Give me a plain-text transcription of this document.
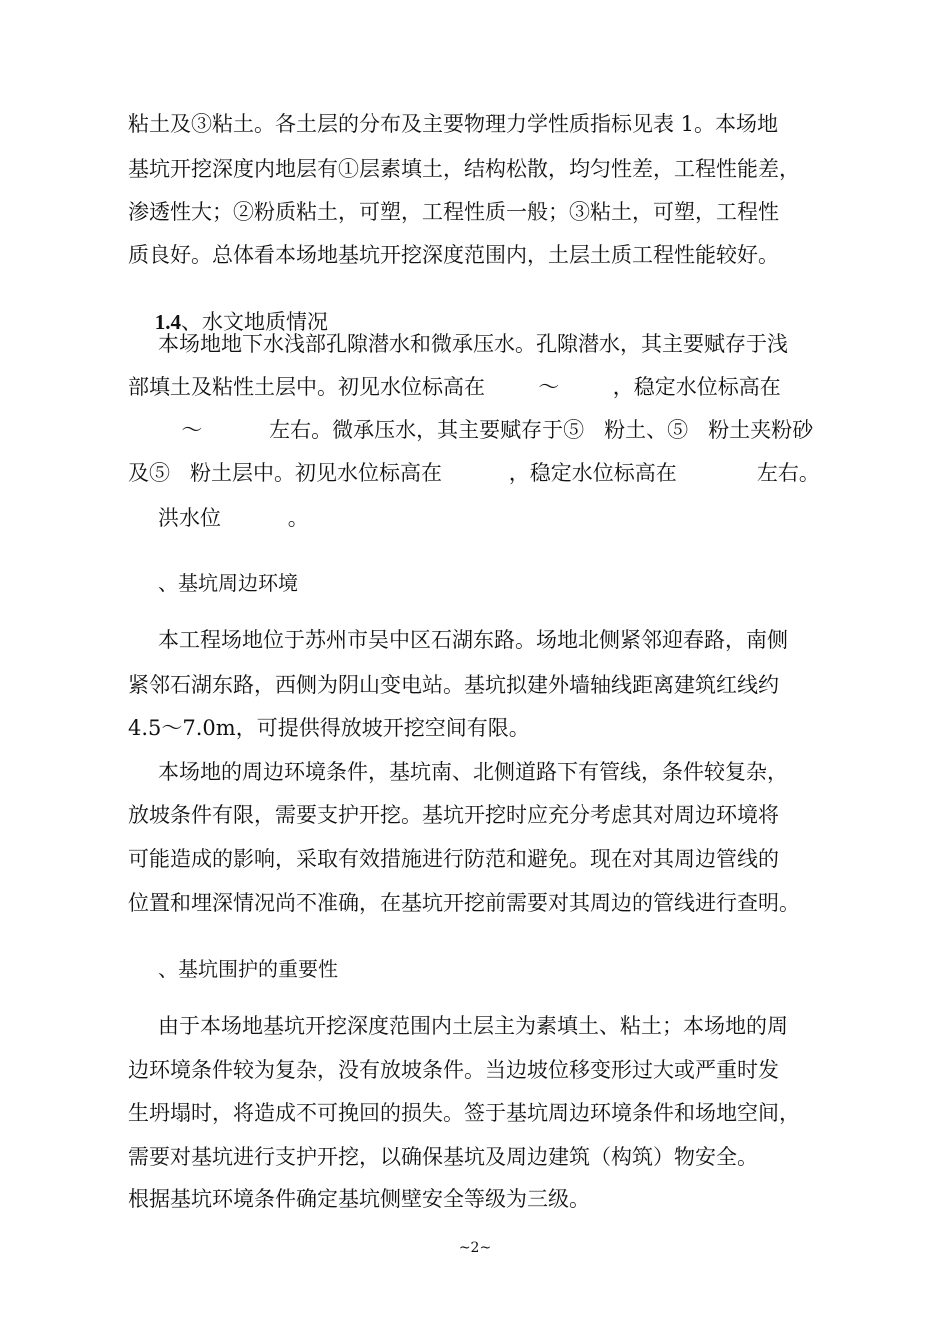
粘土及③粘土。各土层的分布及主要物理力学性质指标见表 1。本场地
基坑开挖深度内地层有①层素填土，结构松散，均匀性差，工程性能差，
渗透性大；②粉质粘土，可塑，工程性质一般；③粘土，可塑，工程性
质良好。总体看本场地基坑开挖深度范围内，土层土质工程性能较好。

1.4、水文地质情况

本场地地下水浅部孔隙潜水和微承压水。孔隙潜水，其主要赋存于浅
部填土及粘性土层中。初见水位标高在        ～        ，稳定水位标高在
～          左右。微承压水，其主要赋存于⑤   粉土、⑤   粉土夹粉砂
及⑤   粉土层中。初见水位标高在          ，稳定水位标高在            左右。
洪水位          。
、基坑周边环境
本工程场地位于苏州市吴中区石湖东路。场地北侧紧邻迎春路，南侧
紧邻石湖东路，西侧为阴山变电站。基坑拟建外墙轴线距离建筑红线约
4.5～7.0m，可提供得放坡开挖空间有限。
本场地的周边环境条件，基坑南、北侧道路下有管线，条件较复杂，
放坡条件有限，需要支护开挖。基坑开挖时应充分考虑其对周边环境将
可能造成的影响，采取有效措施进行防范和避免。现在对其周边管线的
位置和埋深情况尚不准确，在基坑开挖前需要对其周边的管线进行查明。
、基坑围护的重要性
由于本场地基坑开挖深度范围内土层主为素填土、粘土；本场地的周
边环境条件较为复杂，没有放坡条件。当边坡位移变形过大或严重时发
生坍塌时，将造成不可挽回的损失。签于基坑周边环境条件和场地空间，
需要对基坑进行支护开挖，以确保基坑及周边建筑（构筑）物安全。
根据基坑环境条件确定基坑侧壁安全等级为三级。
~2~
